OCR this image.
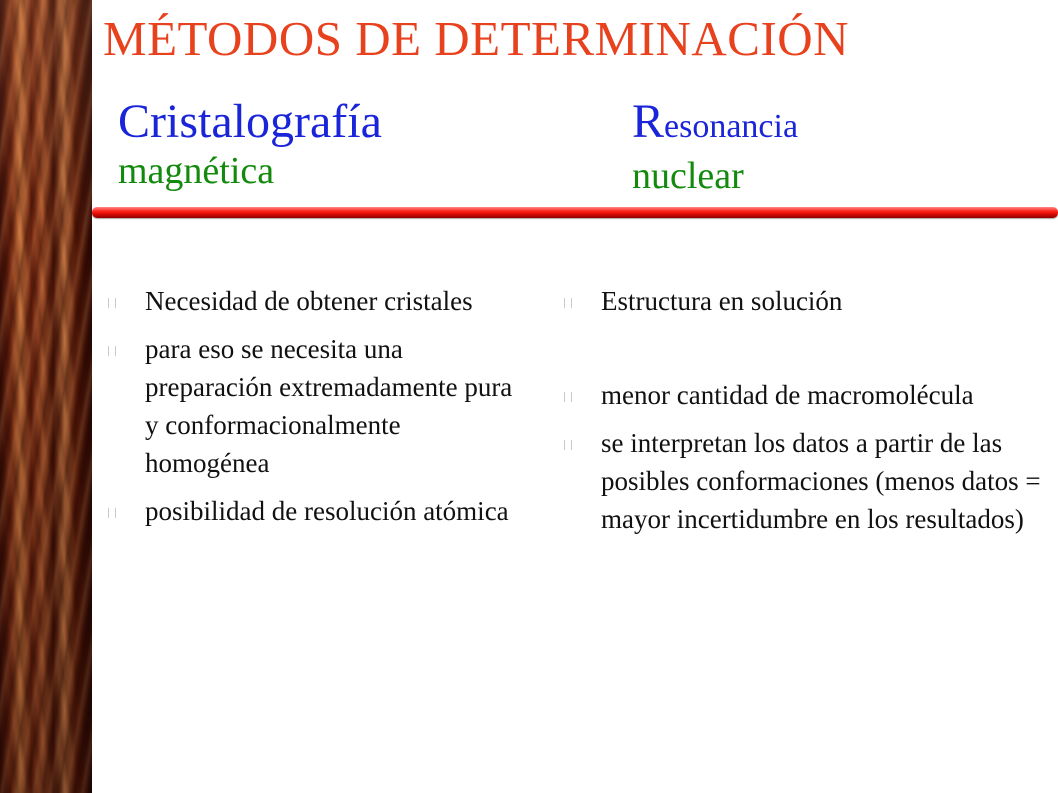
MÉTODOS DE DETERMINACIÓN
Cristalografía
magnética
Resonancia
nuclear
Necesidad de obtener cristales
para eso se necesita una preparación extremadamente pura y conformacionalmente homogénea
posibilidad de resolución atómica
Estructura en solución
menor cantidad de macromolécula
se interpretan los datos a partir de las posibles conformaciones (menos datos = mayor incertidumbre en los resultados)
